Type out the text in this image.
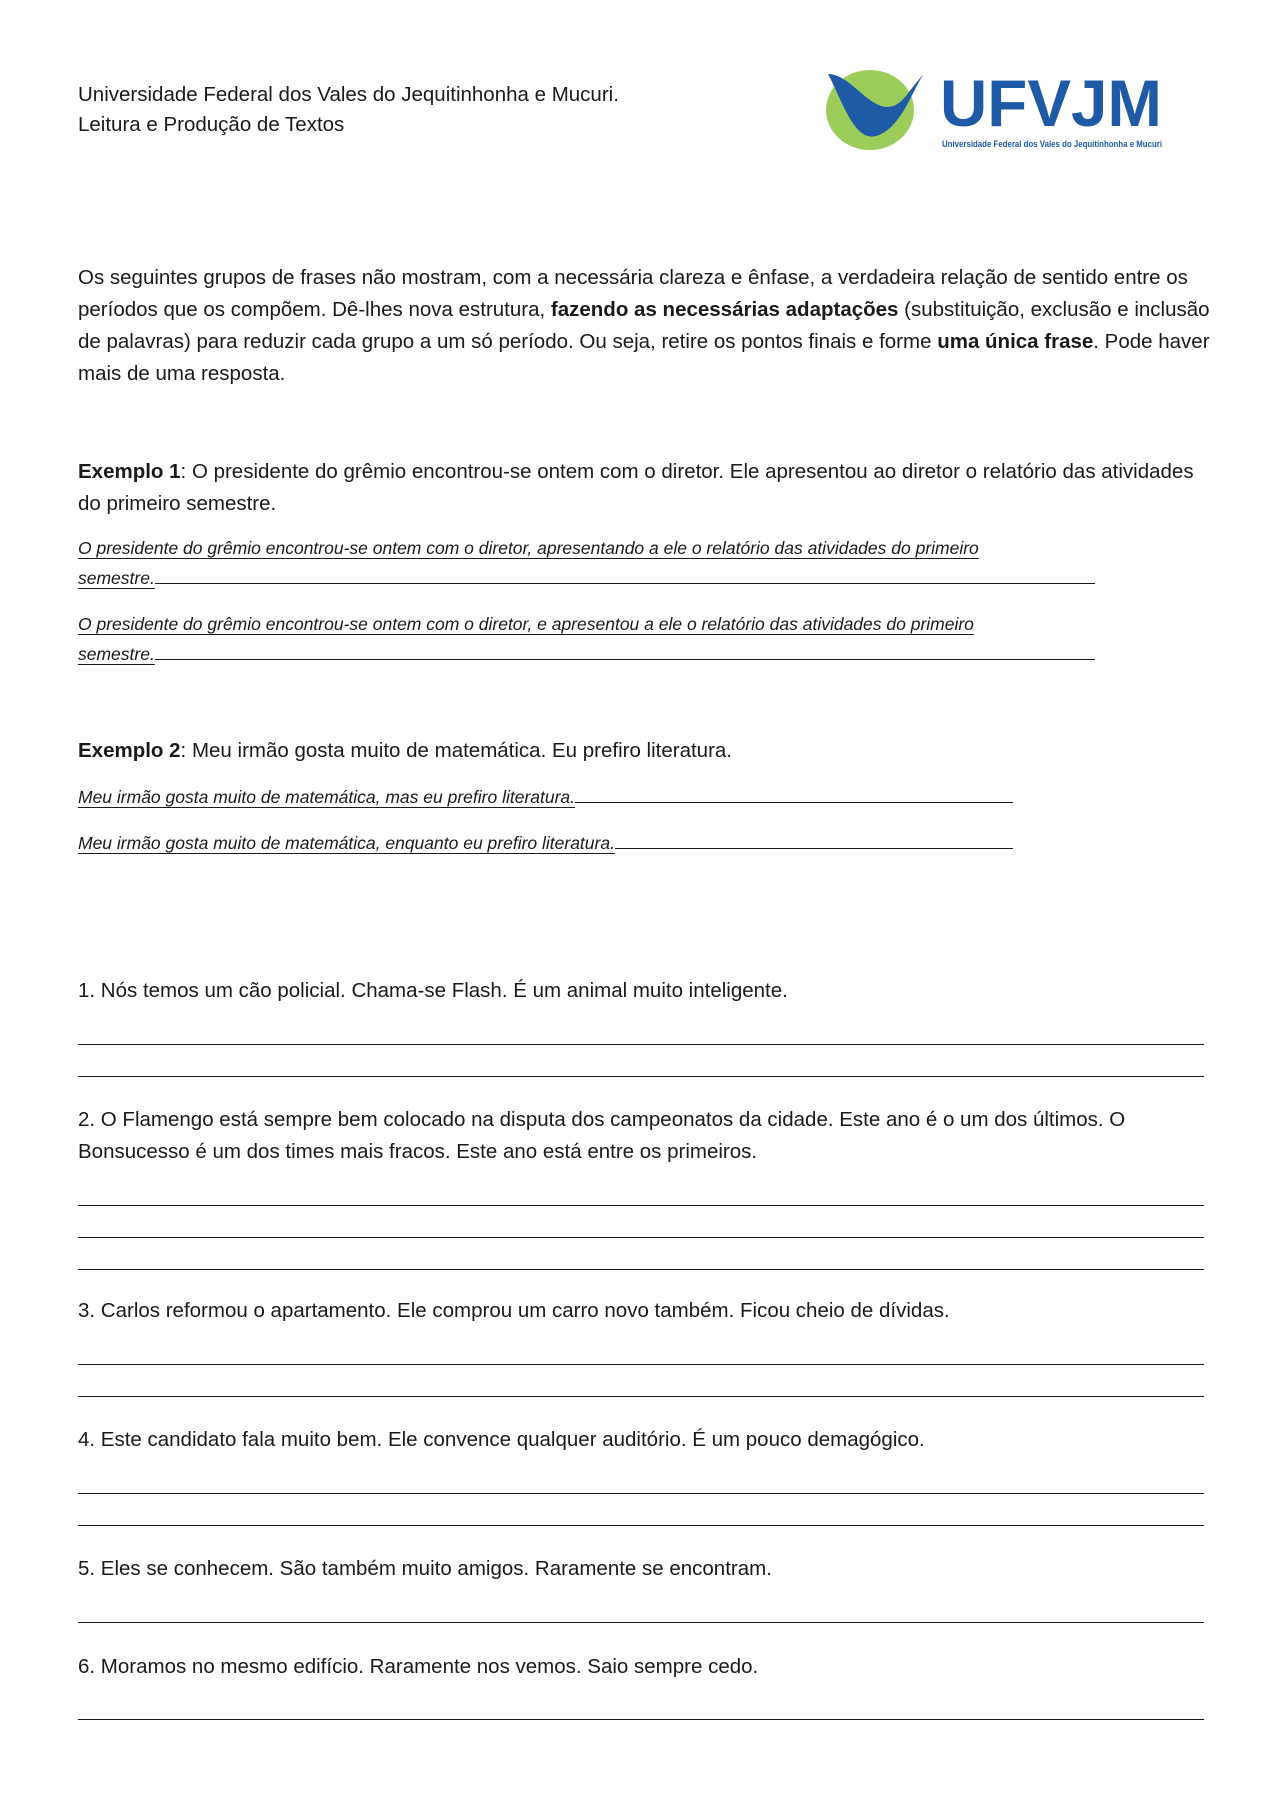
Universidade Federal dos Vales do Jequitinhonha e Mucuri.
Leitura e Produção de Textos	UFVJM
Universidade Federal dos Vales do Jequitinhonha e Mucuri
Os seguintes grupos de frases não mostram, com a necessária clareza e ênfase, a verdadeira relação de sentido entre os períodos que os compõem. Dê-lhes nova estrutura, fazendo as necessárias adaptações (substituição, exclusão e inclusão de palavras) para reduzir cada grupo a um só período. Ou seja, retire os pontos finais e forme uma única frase. Pode haver mais de uma resposta.
Exemplo 1: O presidente do grêmio encontrou-se ontem com o diretor. Ele apresentou ao diretor o relatório das atividades do primeiro semestre.
O presidente do grêmio encontrou-se ontem com o diretor, apresentando a ele o relatório das atividades do primeiro
semestre.
O presidente do grêmio encontrou-se ontem com o diretor, e apresentou a ele o relatório das atividades do primeiro
semestre.
Exemplo 2: Meu irmão gosta muito de matemática. Eu prefiro literatura.
Meu irmão gosta muito de matemática, mas eu prefiro literatura.
Meu irmão gosta muito de matemática, enquanto eu prefiro literatura.
1. Nós temos um cão policial. Chama-se Flash. É um animal muito inteligente.
2. O Flamengo está sempre bem colocado na disputa dos campeonatos da cidade. Este ano é o um dos últimos. O Bonsucesso é um dos times mais fracos. Este ano está entre os primeiros.
3. Carlos reformou o apartamento. Ele comprou um carro novo também. Ficou cheio de dívidas.
4. Este candidato fala muito bem. Ele convence qualquer auditório. É um pouco demagógico.
5. Eles se conhecem. São também muito amigos. Raramente se encontram.
6. Moramos no mesmo edifício. Raramente nos vemos. Saio sempre cedo.
